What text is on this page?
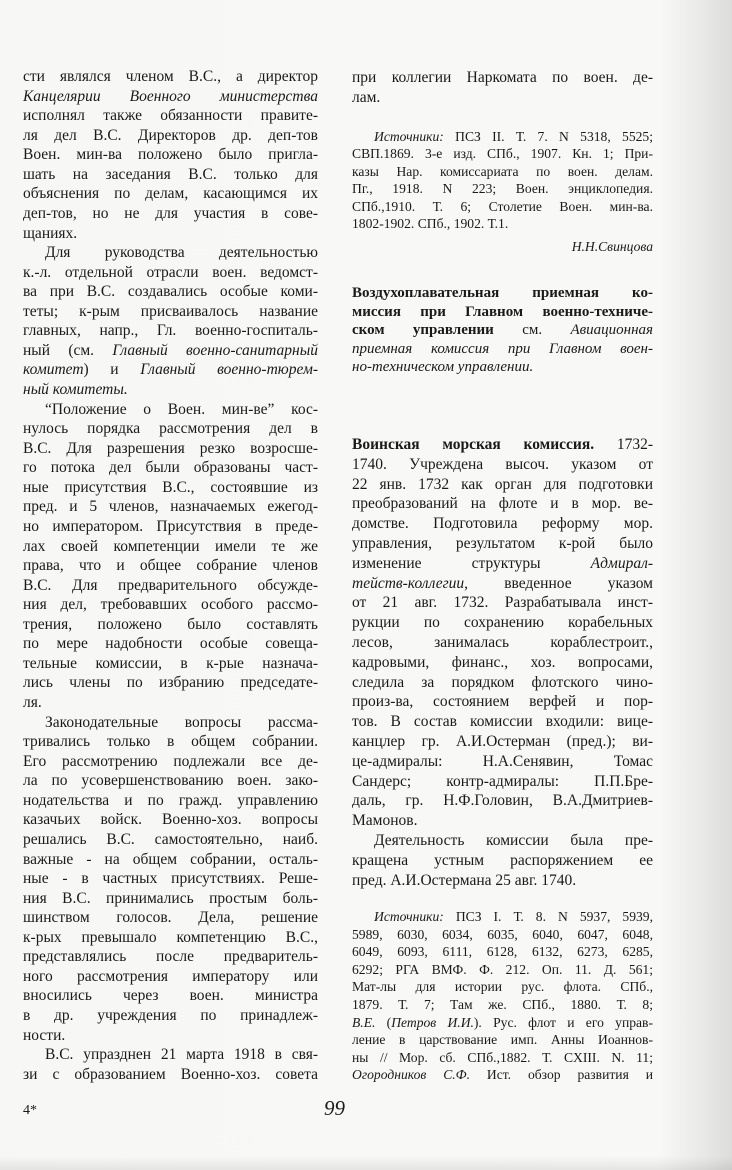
сти являлся членом В.С., а директор
Канцелярии Военного министерства
исполнял также обязанности правите-
ля дел В.С. Директоров др. деп-тов
Воен. мин-ва положено было пригла-
шать на заседания В.С. только для
объяснения по делам, касающимся их
деп-тов, но не для участия в сове-
щаниях.
Для руководства деятельностью
к.-л. отдельной отрасли воен. ведомст-
ва при В.С. создавались особые коми-
теты; к-рым присваивалось название
главных, напр., Гл. военно-госпиталь-
ный (см. Главный военно-санитарный
комитет) и Главный военно-тюрем-
ный комитеты.
“Положение о Воен. мин-ве” кос-
нулось порядка рассмотрения дел в
В.С. Для разрешения резко возросше-
го потока дел были образованы част-
ные присутствия В.С., состоявшие из
пред. и 5 членов, назначаемых ежегод-
но императором. Присутствия в преде-
лах своей компетенции имели те же
права, что и общее собрание членов
В.С. Для предварительного обсужде-
ния дел, требовавших особого рассмо-
трения, положено было составлять
по мере надобности особые совеща-
тельные комиссии, в к-рые назнача-
лись члены по избранию председате-
ля.
Законодательные вопросы рассма-
тривались только в общем собрании.
Его рассмотрению подлежали все де-
ла по усовершенствованию воен. зако-
нодательства и по гражд. управлению
казачьих войск. Военно-хоз. вопросы
решались В.С. самостоятельно, наиб.
важные - на общем собрании, осталь-
ные - в частных присутствиях. Реше-
ния В.С. принимались простым боль-
шинством голосов. Дела, решение
к-рых превышало компетенцию В.С.,
представлялись после предваритель-
ного рассмотрения императору или
вносились через воен. министра
в др. учреждения по принадлеж-
ности.
В.С. упразднен 21 марта 1918 в свя-
зи с образованием Военно-хоз. совета
при коллегии Наркомата по воен. де-
лам.
Источники: ПСЗ II. Т. 7. N 5318, 5525;
СВП.1869. 3-е изд. СПб., 1907. Кн. 1; При-
казы Нар. комиссариата по воен. делам.
Пг., 1918. N 223; Воен. энциклопедия.
СПб.,1910. Т. 6; Столетие Воен. мин-ва.
1802-1902. СПб., 1902. Т.1.
Н.Н.Свинцова
Воздухоплавательная приемная ко-
миссия при Главном военно-техниче-
ском управлении см. Авиационная
приемная комиссия при Главном воен-
но-техническом управлении.
Воинская морская комиссия. 1732-
1740. Учреждена высоч. указом от
22 янв. 1732 как орган для подготовки
преобразований на флоте и в мор. ве-
домстве. Подготовила реформу мор.
управления, результатом к-рой было
изменение структуры Адмирал-
тейств-коллегии, введенное указом
от 21 авг. 1732. Разрабатывала инст-
рукции по сохранению корабельных
лесов, занималась кораблестроит.,
кадровыми, финанс., хоз. вопросами,
следила за порядком флотского чино-
произ-ва, состоянием верфей и пор-
тов. В состав комиссии входили: вице-
канцлер гр. А.И.Остерман (пред.); ви-
це-адмиралы: Н.А.Сенявин, Томас
Сандерс; контр-адмиралы: П.П.Бре-
даль, гр. Н.Ф.Головин, В.А.Дмитриев-
Мамонов.
Деятельность комиссии была пре-
кращена устным распоряжением ее
пред. А.И.Остермана 25 авг. 1740.
Источники: ПСЗ I. Т. 8. N 5937, 5939,
5989, 6030, 6034, 6035, 6040, 6047, 6048,
6049, 6093, 6111, 6128, 6132, 6273, 6285,
6292; РГА ВМФ. Ф. 212. Оп. 11. Д. 561;
Мат-лы для истории рус. флота. СПб.,
1879. Т. 7; Там же. СПб., 1880. Т. 8;
В.Е. (Петров И.И.). Рус. флот и его управ-
ление в царствование имп. Анны Иоаннов-
ны // Мор. сб. СПб.,1882. Т. CXIII. N. 11;
Огородников С.Ф. Ист. обзор развития и
4*	99
